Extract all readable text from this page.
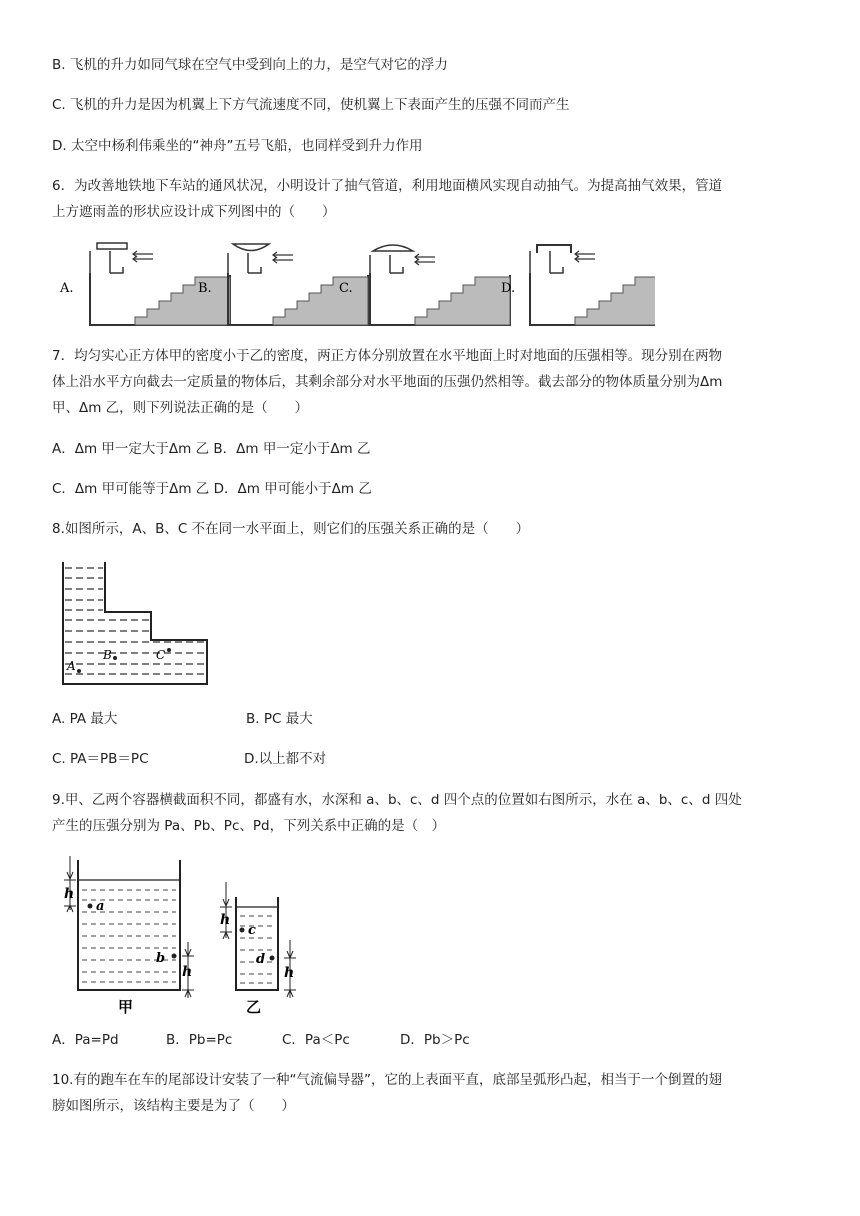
B. 飞机的升力如同气球在空气中受到向上的力，是空气对它的浮力
C. 飞机的升力是因为机翼上下方气流速度不同，使机翼上下表面产生的压强不同而产生
D. 太空中杨利伟乘坐的“神舟”五号飞船，也同样受到升力作用
6．为改善地铁地下车站的通风状况，小明设计了抽气管道，利用地面横风实现自动抽气。为提高抽气效果，管道
上方遮雨盖的形状应设计成下列图中的（　　）
A.	B.	C.	D.
7．均匀实心正方体甲的密度小于乙的密度，两正方体分别放置在水平地面上时对地面的压强相等。现分别在两物
体上沿水平方向截去一定质量的物体后，其剩余部分对水平地面的压强仍然相等。截去部分的物体质量分别为Δm
甲、Δm 乙，则下列说法正确的是（　　）
A．Δm 甲一定大于Δm 乙 B．Δm 甲一定小于Δm 乙
C．Δm 甲可能等于Δm 乙 D．Δm 甲可能小于Δm 乙
8.如图所示，A、B、C 不在同一水平面上，则它们的压强关系正确的是（　　）
A
B	C
A. PA 最大	B. PC 最大
C. PA＝PB＝PC	D.以上都不对
9.甲、乙两个容器横截面积不同，都盛有水，水深和 a、b、c、d 四个点的位置如右图所示，水在 a、b、c、d 四处
产生的压强分别为 Pa、Pb、Pc、Pd，下列关系中正确的是（　）
a
b
h
h
甲
c
d
h
h
乙
A．Pa=Pd	B．Pb=Pc	C．Pa＜Pc	D．Pb＞Pc
10.有的跑车在车的尾部设计安装了一种“气流偏导器”，它的上表面平直，底部呈弧形凸起，相当于一个倒置的翅
膀如图所示，该结构主要是为了（　　）
